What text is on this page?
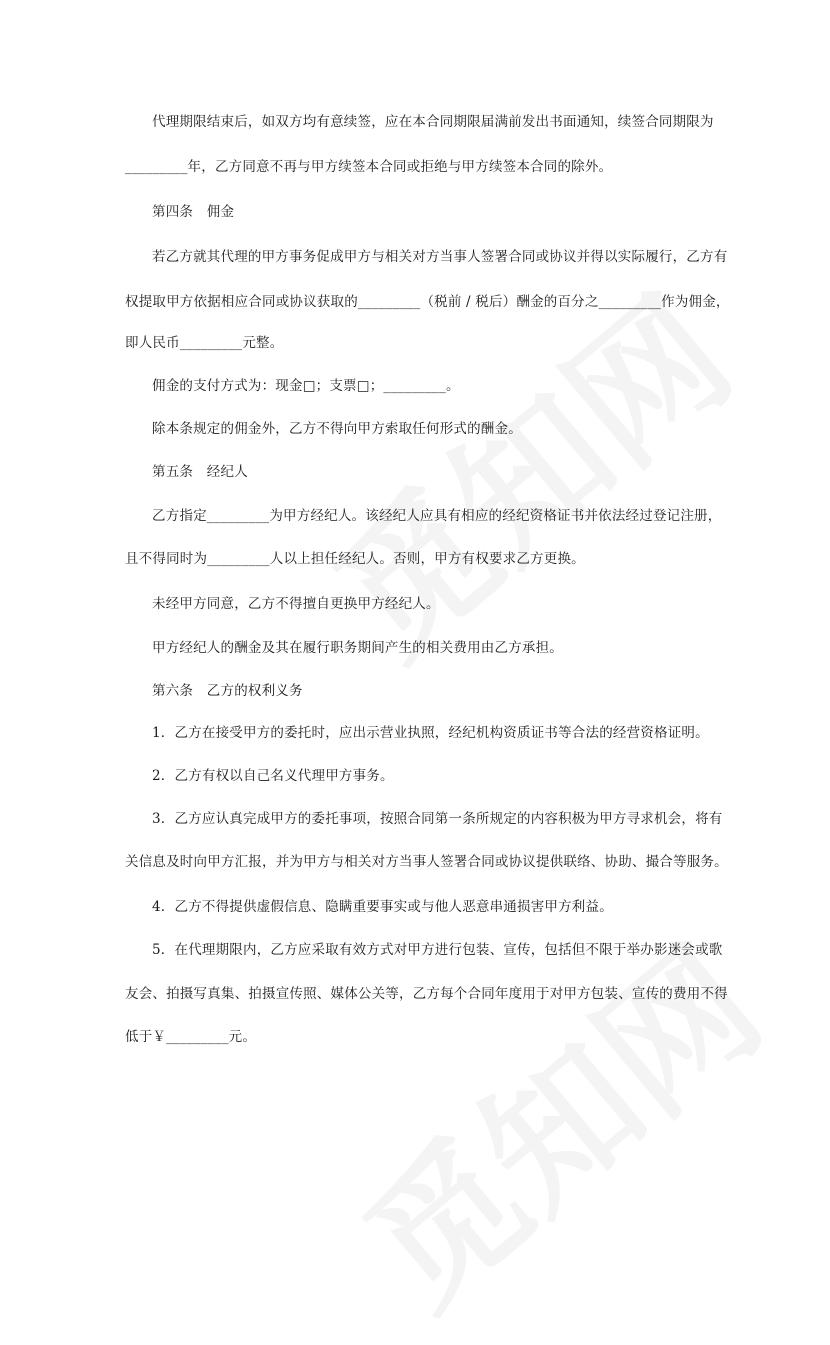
代理期限结束后，如双方均有意续签，应在本合同期限届满前发出书面通知，续签合同期限为
_________年，乙方同意不再与甲方续签本合同或拒绝与甲方续签本合同的除外。
第四条　佣金
若乙方就其代理的甲方事务促成甲方与相关对方当事人签署合同或协议并得以实际履行，乙方有
权提取甲方依据相应合同或协议获取的_________（税前 / 税后）酬金的百分之_________作为佣金，
即人民币_________元整。
佣金的支付方式为：现金□；支票□；_________。
除本条规定的佣金外，乙方不得向甲方索取任何形式的酬金。
第五条　经纪人
乙方指定_________为甲方经纪人。该经纪人应具有相应的经纪资格证书并依法经过登记注册，
且不得同时为_________人以上担任经纪人。否则，甲方有权要求乙方更换。
未经甲方同意，乙方不得擅自更换甲方经纪人。
甲方经纪人的酬金及其在履行职务期间产生的相关费用由乙方承担。
第六条　乙方的权利义务
1．乙方在接受甲方的委托时，应出示营业执照，经纪机构资质证书等合法的经营资格证明。
2．乙方有权以自己名义代理甲方事务。
3．乙方应认真完成甲方的委托事项，按照合同第一条所规定的内容积极为甲方寻求机会，将有
关信息及时向甲方汇报，并为甲方与相关对方当事人签署合同或协议提供联络、协助、撮合等服务。
4．乙方不得提供虚假信息、隐瞒重要事实或与他人恶意串通损害甲方利益。
5．在代理期限内，乙方应采取有效方式对甲方进行包装、宣传，包括但不限于举办影迷会或歌
友会、拍摄写真集、拍摄宣传照、媒体公关等，乙方每个合同年度用于对甲方包装、宣传的费用不得
低于￥_________元。
